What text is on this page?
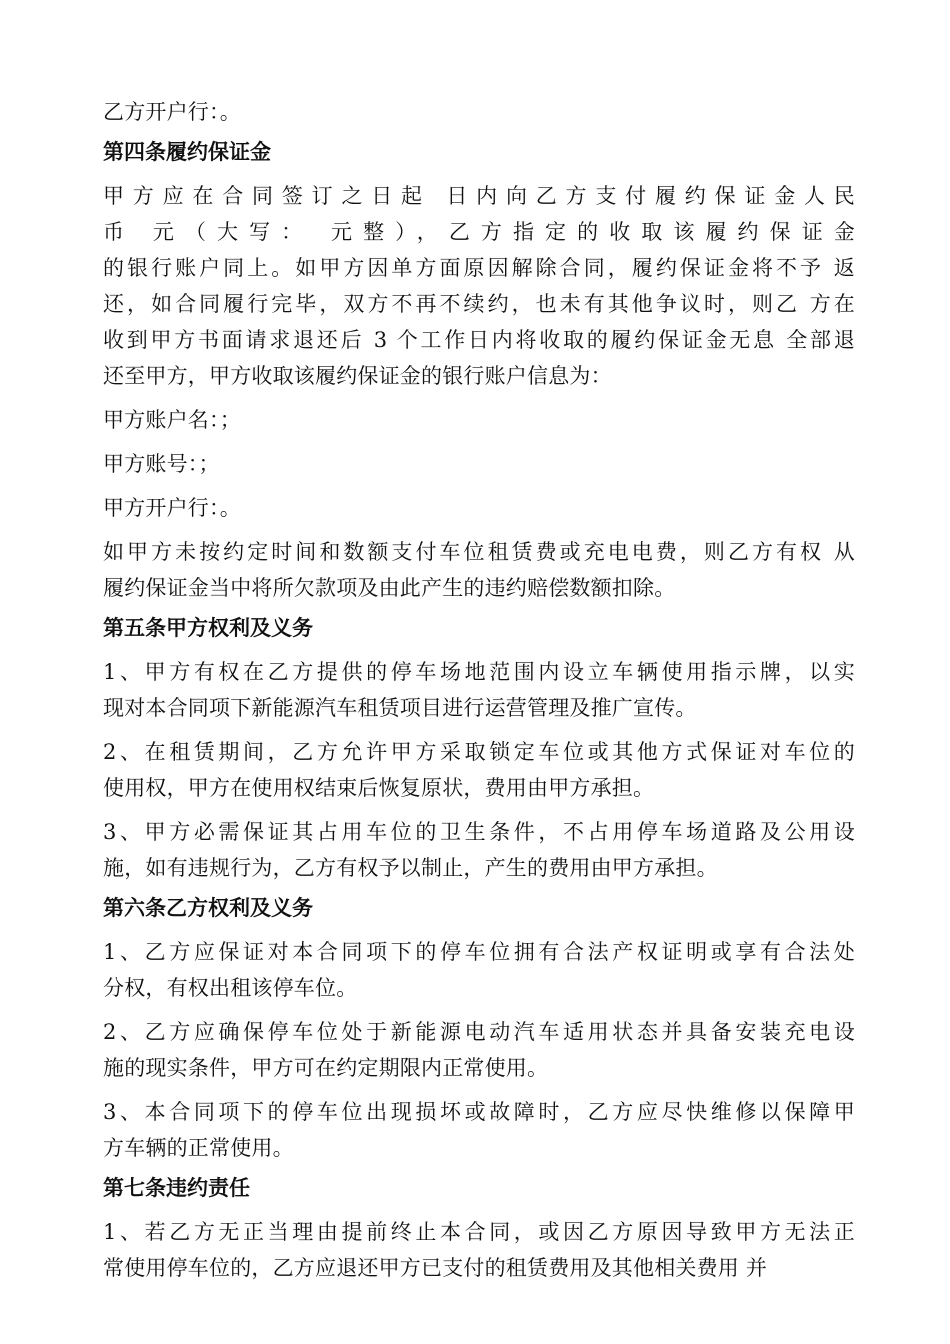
乙方开户行：。
第四条履约保证金
甲方应在合同签订之日起 日内向乙方支付履约保证金人民
币 元（大写： 元整），乙方指定的收取该履约保证金
的银行账户同上。如甲方因单方面原因解除合同，履约保证金将不予 返
还，如合同履行完毕，双方不再不续约，也未有其他争议时，则乙 方在
收到甲方书面请求退还后 3 个工作日内将收取的履约保证金无息 全部退
还至甲方，甲方收取该履约保证金的银行账户信息为：
甲方账户名：；
甲方账号：；
甲方开户行：。
如甲方未按约定时间和数额支付车位租赁费或充电电费，则乙方有权 从
履约保证金当中将所欠款项及由此产生的违约赔偿数额扣除。
第五条甲方权利及义务
1、甲方有权在乙方提供的停车场地范围内设立车辆使用指示牌，以实
现对本合同项下新能源汽车租赁项目进行运营管理及推广宣传。
2、在租赁期间，乙方允许甲方采取锁定车位或其他方式保证对车位的
使用权，甲方在使用权结束后恢复原状，费用由甲方承担。
3、甲方必需保证其占用车位的卫生条件，不占用停车场道路及公用设
施，如有违规行为，乙方有权予以制止，产生的费用由甲方承担。
第六条乙方权利及义务
1、乙方应保证对本合同项下的停车位拥有合法产权证明或享有合法处
分权，有权出租该停车位。
2、乙方应确保停车位处于新能源电动汽车适用状态并具备安装充电设
施的现实条件，甲方可在约定期限内正常使用。
3、本合同项下的停车位出现损坏或故障时，乙方应尽快维修以保障甲
方车辆的正常使用。
第七条违约责任
1、若乙方无正当理由提前终止本合同，或因乙方原因导致甲方无法正
常使用停车位的，乙方应退还甲方已支付的租赁费用及其他相关费用 并
